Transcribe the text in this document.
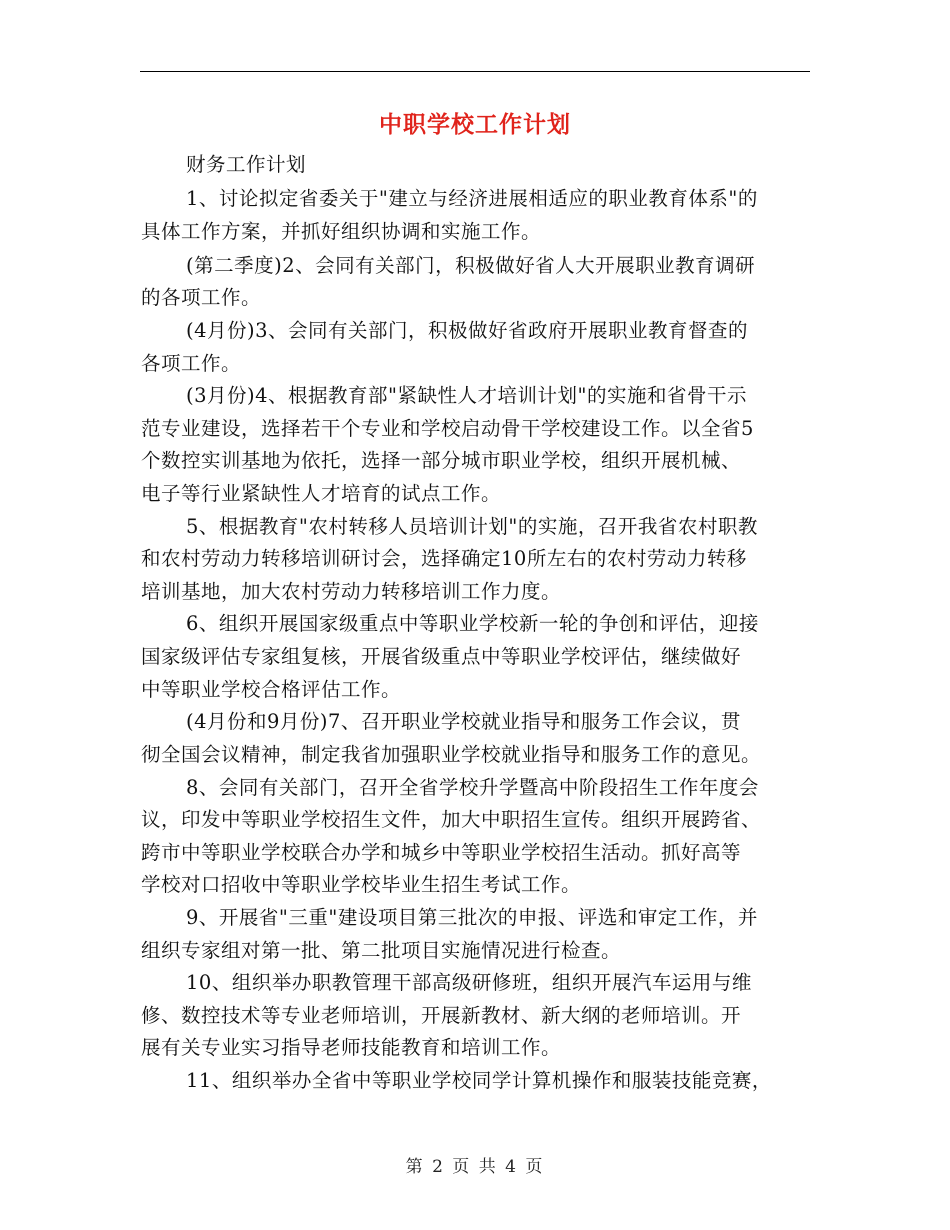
中职学校工作计划
财务工作计划
1、讨论拟定省委关于"建立与经济进展相适应的职业教育体系"的
具体工作方案，并抓好组织协调和实施工作。
(第二季度)2、会同有关部门，积极做好省人大开展职业教育调研
的各项工作。
(4月份)3、会同有关部门，积极做好省政府开展职业教育督查的
各项工作。
(3月份)4、根据教育部"紧缺性人才培训计划"的实施和省骨干示
范专业建设，选择若干个专业和学校启动骨干学校建设工作。以全省5
个数控实训基地为依托，选择一部分城市职业学校，组织开展机械、
电子等行业紧缺性人才培育的试点工作。
5、根据教育"农村转移人员培训计划"的实施，召开我省农村职教
和农村劳动力转移培训研讨会，选择确定10所左右的农村劳动力转移
培训基地，加大农村劳动力转移培训工作力度。
6、组织开展国家级重点中等职业学校新一轮的争创和评估，迎接
国家级评估专家组复核，开展省级重点中等职业学校评估，继续做好
中等职业学校合格评估工作。
(4月份和9月份)7、召开职业学校就业指导和服务工作会议，贯
彻全国会议精神，制定我省加强职业学校就业指导和服务工作的意见。
8、会同有关部门，召开全省学校升学暨高中阶段招生工作年度会
议，印发中等职业学校招生文件，加大中职招生宣传。组织开展跨省、
跨市中等职业学校联合办学和城乡中等职业学校招生活动。抓好高等
学校对口招收中等职业学校毕业生招生考试工作。
9、开展省"三重"建设项目第三批次的申报、评选和审定工作，并
组织专家组对第一批、第二批项目实施情况进行检查。
10、组织举办职教管理干部高级研修班，组织开展汽车运用与维
修、数控技术等专业老师培训，开展新教材、新大纲的老师培训。开
展有关专业实习指导老师技能教育和培训工作。
11、组织举办全省中等职业学校同学计算机操作和服装技能竞赛，
第 2 页 共 4 页
